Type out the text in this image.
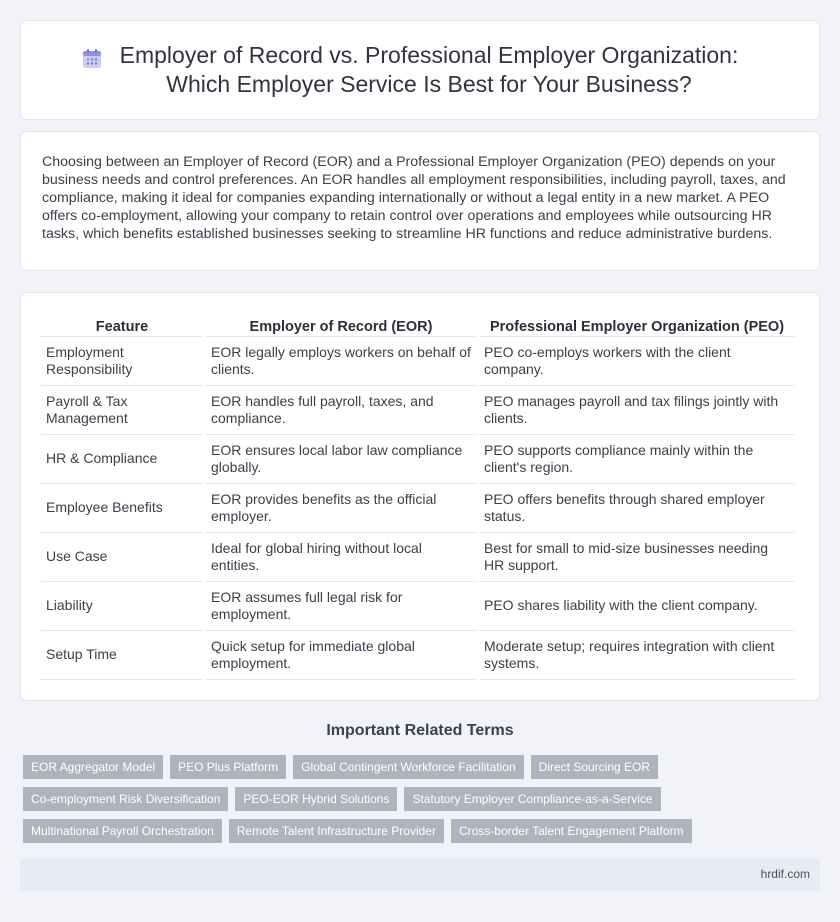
Employer of Record vs. Professional Employer Organization: Which Employer Service Is Best for Your Business?

Choosing between an Employer of Record (EOR) and a Professional Employer Organization (PEO) depends on your business needs and control preferences. An EOR handles all employment responsibilities, including payroll, taxes, and compliance, making it ideal for companies expanding internationally or without a legal entity in a new market. A PEO offers co-employment, allowing your company to retain control over operations and employees while outsourcing HR tasks, which benefits established businesses seeking to streamline HR functions and reduce administrative burdens.

Feature	Employer of Record (EOR)	Professional Employer Organization (PEO)
Employment Responsibility	EOR legally employs workers on behalf of clients.	PEO co-employs workers with the client company.
Payroll & Tax Management	EOR handles full payroll, taxes, and compliance.	PEO manages payroll and tax filings jointly with clients.
HR & Compliance	EOR ensures local labor law compliance globally.	PEO supports compliance mainly within the client's region.
Employee Benefits	EOR provides benefits as the official employer.	PEO offers benefits through shared employer status.
Use Case	Ideal for global hiring without local entities.	Best for small to mid-size businesses needing HR support.
Liability	EOR assumes full legal risk for employment.	PEO shares liability with the client company.
Setup Time	Quick setup for immediate global employment.	Moderate setup; requires integration with client systems.
Important Related Terms
EOR Aggregator Model	PEO Plus Platform	Global Contingent Workforce Facilitation	Direct Sourcing EOR
Co-employment Risk Diversification	PEO-EOR Hybrid Solutions	Statutory Employer Compliance-as-a-Service
Multinational Payroll Orchestration	Remote Talent Infrastructure Provider	Cross-border Talent Engagement Platform
hrdif.com
